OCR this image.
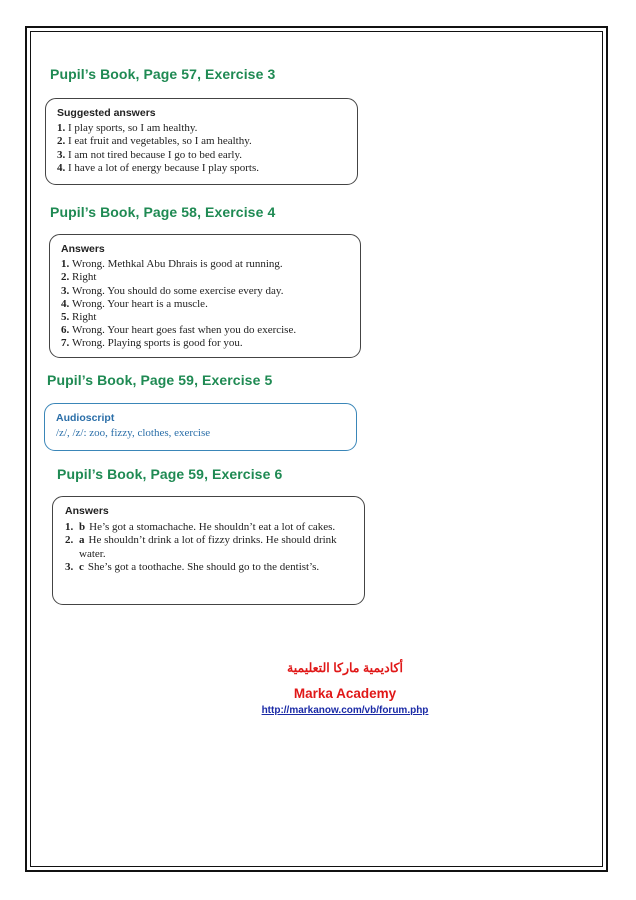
Pupil’s Book, Page 57, Exercise 3
Suggested answers
1. I play sports, so I am healthy.
2. I eat fruit and vegetables, so I am healthy.
3. I am not tired because I go to bed early.
4. I have a lot of energy because I play sports.
Pupil’s Book, Page 58, Exercise 4
Answers
1. Wrong. Methkal Abu Dhrais is good at running.
2. Right
3. Wrong. You should do some exercise every day.
4. Wrong. Your heart is a muscle.
5. Right
6. Wrong. Your heart goes fast when you do exercise.
7. Wrong. Playing sports is good for you.
Pupil’s Book, Page 59, Exercise 5
Audioscript
/z/, /z/: zoo, fizzy, clothes, exercise
Pupil’s Book, Page 59, Exercise 6
Answers
1. b He’s got a stomachache. He shouldn’t eat a lot of cakes.
2. a He shouldn’t drink a lot of fizzy drinks. He should drink water.
3. c She’s got a toothache. She should go to the dentist’s.
أكاديمية ماركا التعليمية
Marka Academy
http://markanow.com/vb/forum.php
